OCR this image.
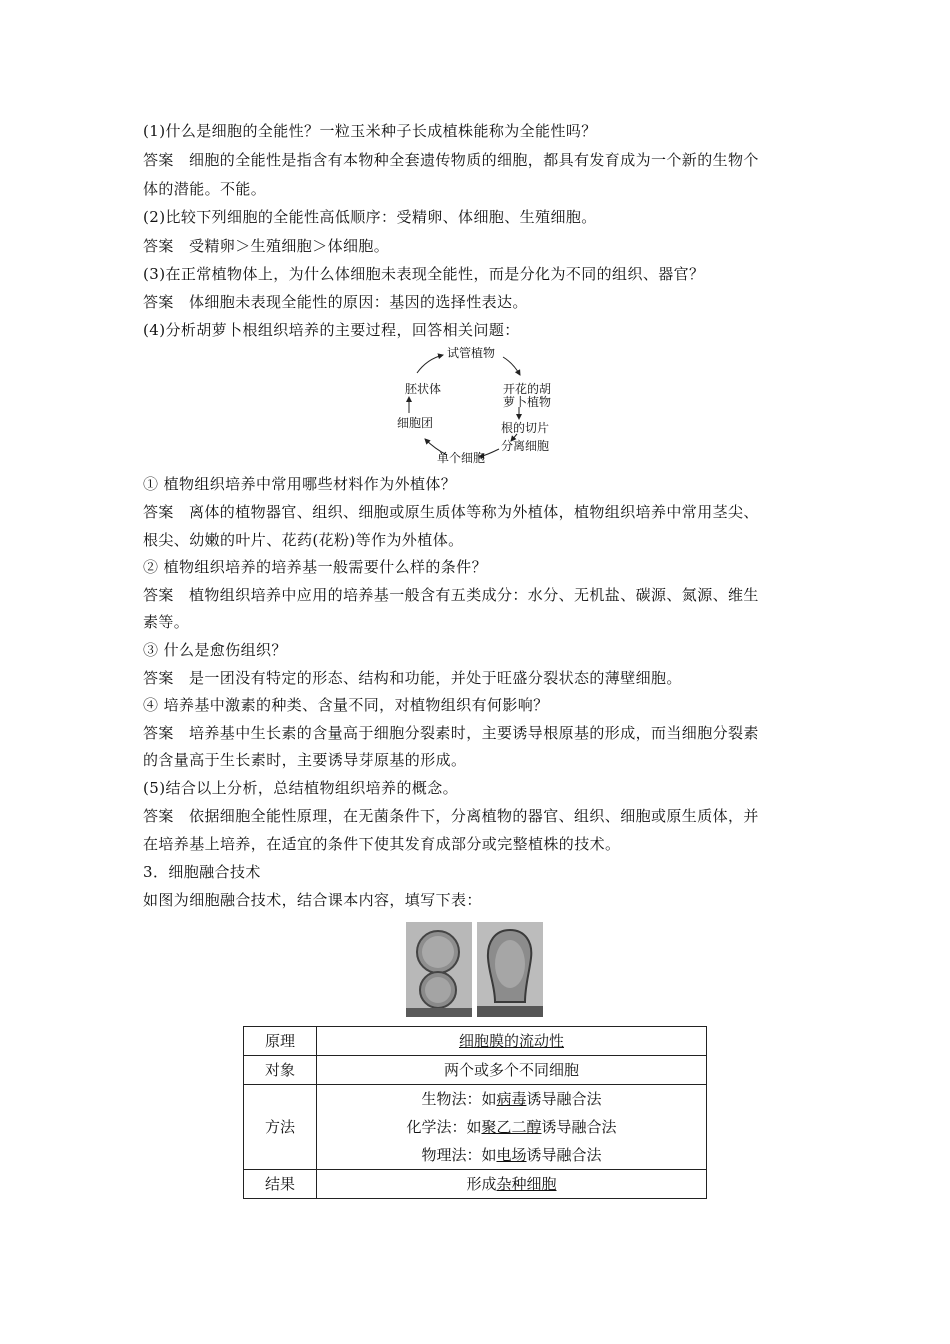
(1)什么是细胞的全能性？一粒玉米种子长成植株能称为全能性吗？
答案 细胞的全能性是指含有本物种全套遗传物质的细胞，都具有发育成为一个新的生物个
体的潜能。不能。
(2)比较下列细胞的全能性高低顺序：受精卵、体细胞、生殖细胞。
答案 受精卵＞生殖细胞＞体细胞。
(3)在正常植物体上，为什么体细胞未表现全能性，而是分化为不同的组织、器官？
答案 体细胞未表现全能性的原因：基因的选择性表达。
(4)分析胡萝卜根组织培养的主要过程，回答相关问题：
试管植物
开花的胡
萝卜植物
根的切片
分离细胞
单个细胞
细胞团
胚状体
① 植物组织培养中常用哪些材料作为外植体？
答案 离体的植物器官、组织、细胞或原生质体等称为外植体，植物组织培养中常用茎尖、
根尖、幼嫩的叶片、花药(花粉)等作为外植体。
② 植物组织培养的培养基一般需要什么样的条件？
答案 植物组织培养中应用的培养基一般含有五类成分：水分、无机盐、碳源、氮源、维生
素等。
③ 什么是愈伤组织？
答案 是一团没有特定的形态、结构和功能，并处于旺盛分裂状态的薄壁细胞。
④ 培养基中激素的种类、含量不同，对植物组织有何影响？
答案 培养基中生长素的含量高于细胞分裂素时，主要诱导根原基的形成，而当细胞分裂素
的含量高于生长素时，主要诱导芽原基的形成。
(5)结合以上分析，总结植物组织培养的概念。
答案 依据细胞全能性原理，在无菌条件下，分离植物的器官、组织、细胞或原生质体，并
在培养基上培养，在适宜的条件下使其发育成部分或完整植株的技术。
3．细胞融合技术
如图为细胞融合技术，结合课本内容，填写下表：
原理	细胞膜的流动性
对象	两个或多个不同细胞
方法	生物法：如病毒诱导融合法
化学法：如聚乙二醇诱导融合法
物理法：如电场诱导融合法

结果	形成杂种细胞
